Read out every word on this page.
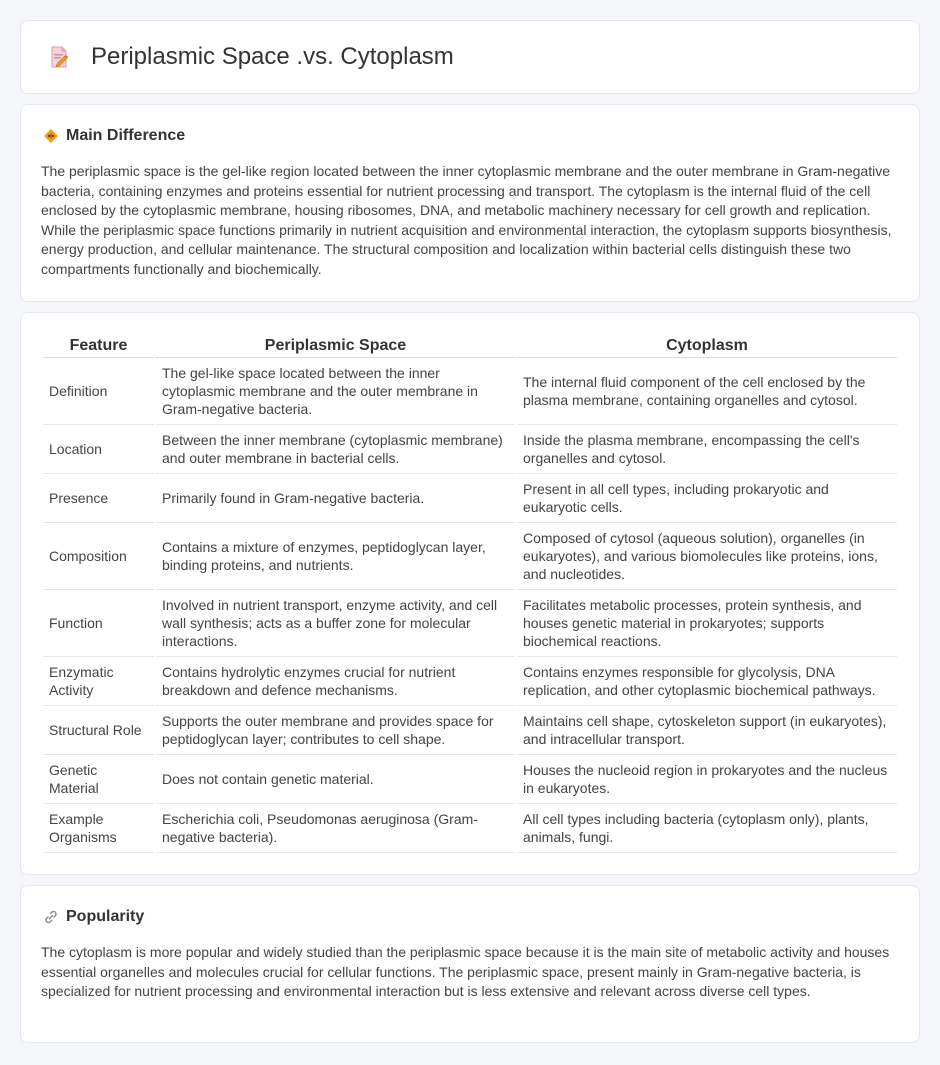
Periplasmic Space .vs. Cytoplasm
Main Difference

The periplasmic space is the gel-like region located between the inner cytoplasmic membrane and the outer membrane in Gram-negative bacteria, containing enzymes and proteins essential for nutrient processing and transport. The cytoplasm is the internal fluid of the cell enclosed by the cytoplasmic membrane, housing ribosomes, DNA, and metabolic machinery necessary for cell growth and replication. While the periplasmic space functions primarily in nutrient acquisition and environmental interaction, the cytoplasm supports biosynthesis, energy production, and cellular maintenance. The structural composition and localization within bacterial cells distinguish these two compartments functionally and biochemically.

Feature	Periplasmic Space	Cytoplasm
Definition	The gel-like space located between the inner cytoplasmic membrane and the outer membrane in Gram-negative bacteria.	The internal fluid component of the cell enclosed by the plasma membrane, containing organelles and cytosol.
Location	Between the inner membrane (cytoplasmic membrane) and outer membrane in bacterial cells.	Inside the plasma membrane, encompassing the cell's organelles and cytosol.
Presence	Primarily found in Gram-negative bacteria.	Present in all cell types, including prokaryotic and eukaryotic cells.
Composition	Contains a mixture of enzymes, peptidoglycan layer, binding proteins, and nutrients.	Composed of cytosol (aqueous solution), organelles (in eukaryotes), and various biomolecules like proteins, ions, and nucleotides.
Function	Involved in nutrient transport, enzyme activity, and cell wall synthesis; acts as a buffer zone for molecular interactions.	Facilitates metabolic processes, protein synthesis, and houses genetic material in prokaryotes; supports biochemical reactions.
Enzymatic Activity	Contains hydrolytic enzymes crucial for nutrient breakdown and defence mechanisms.	Contains enzymes responsible for glycolysis, DNA replication, and other cytoplasmic biochemical pathways.
Structural Role	Supports the outer membrane and provides space for peptidoglycan layer; contributes to cell shape.	Maintains cell shape, cytoskeleton support (in eukaryotes), and intracellular transport.
Genetic Material	Does not contain genetic material.	Houses the nucleoid region in prokaryotes and the nucleus in eukaryotes.
Example Organisms	Escherichia coli, Pseudomonas aeruginosa (Gram-negative bacteria).	All cell types including bacteria (cytoplasm only), plants, animals, fungi.
Popularity

The cytoplasm is more popular and widely studied than the periplasmic space because it is the main site of metabolic activity and houses essential organelles and molecules crucial for cellular functions. The periplasmic space, present mainly in Gram-negative bacteria, is specialized for nutrient processing and environmental interaction but is less extensive and relevant across diverse cell types.
